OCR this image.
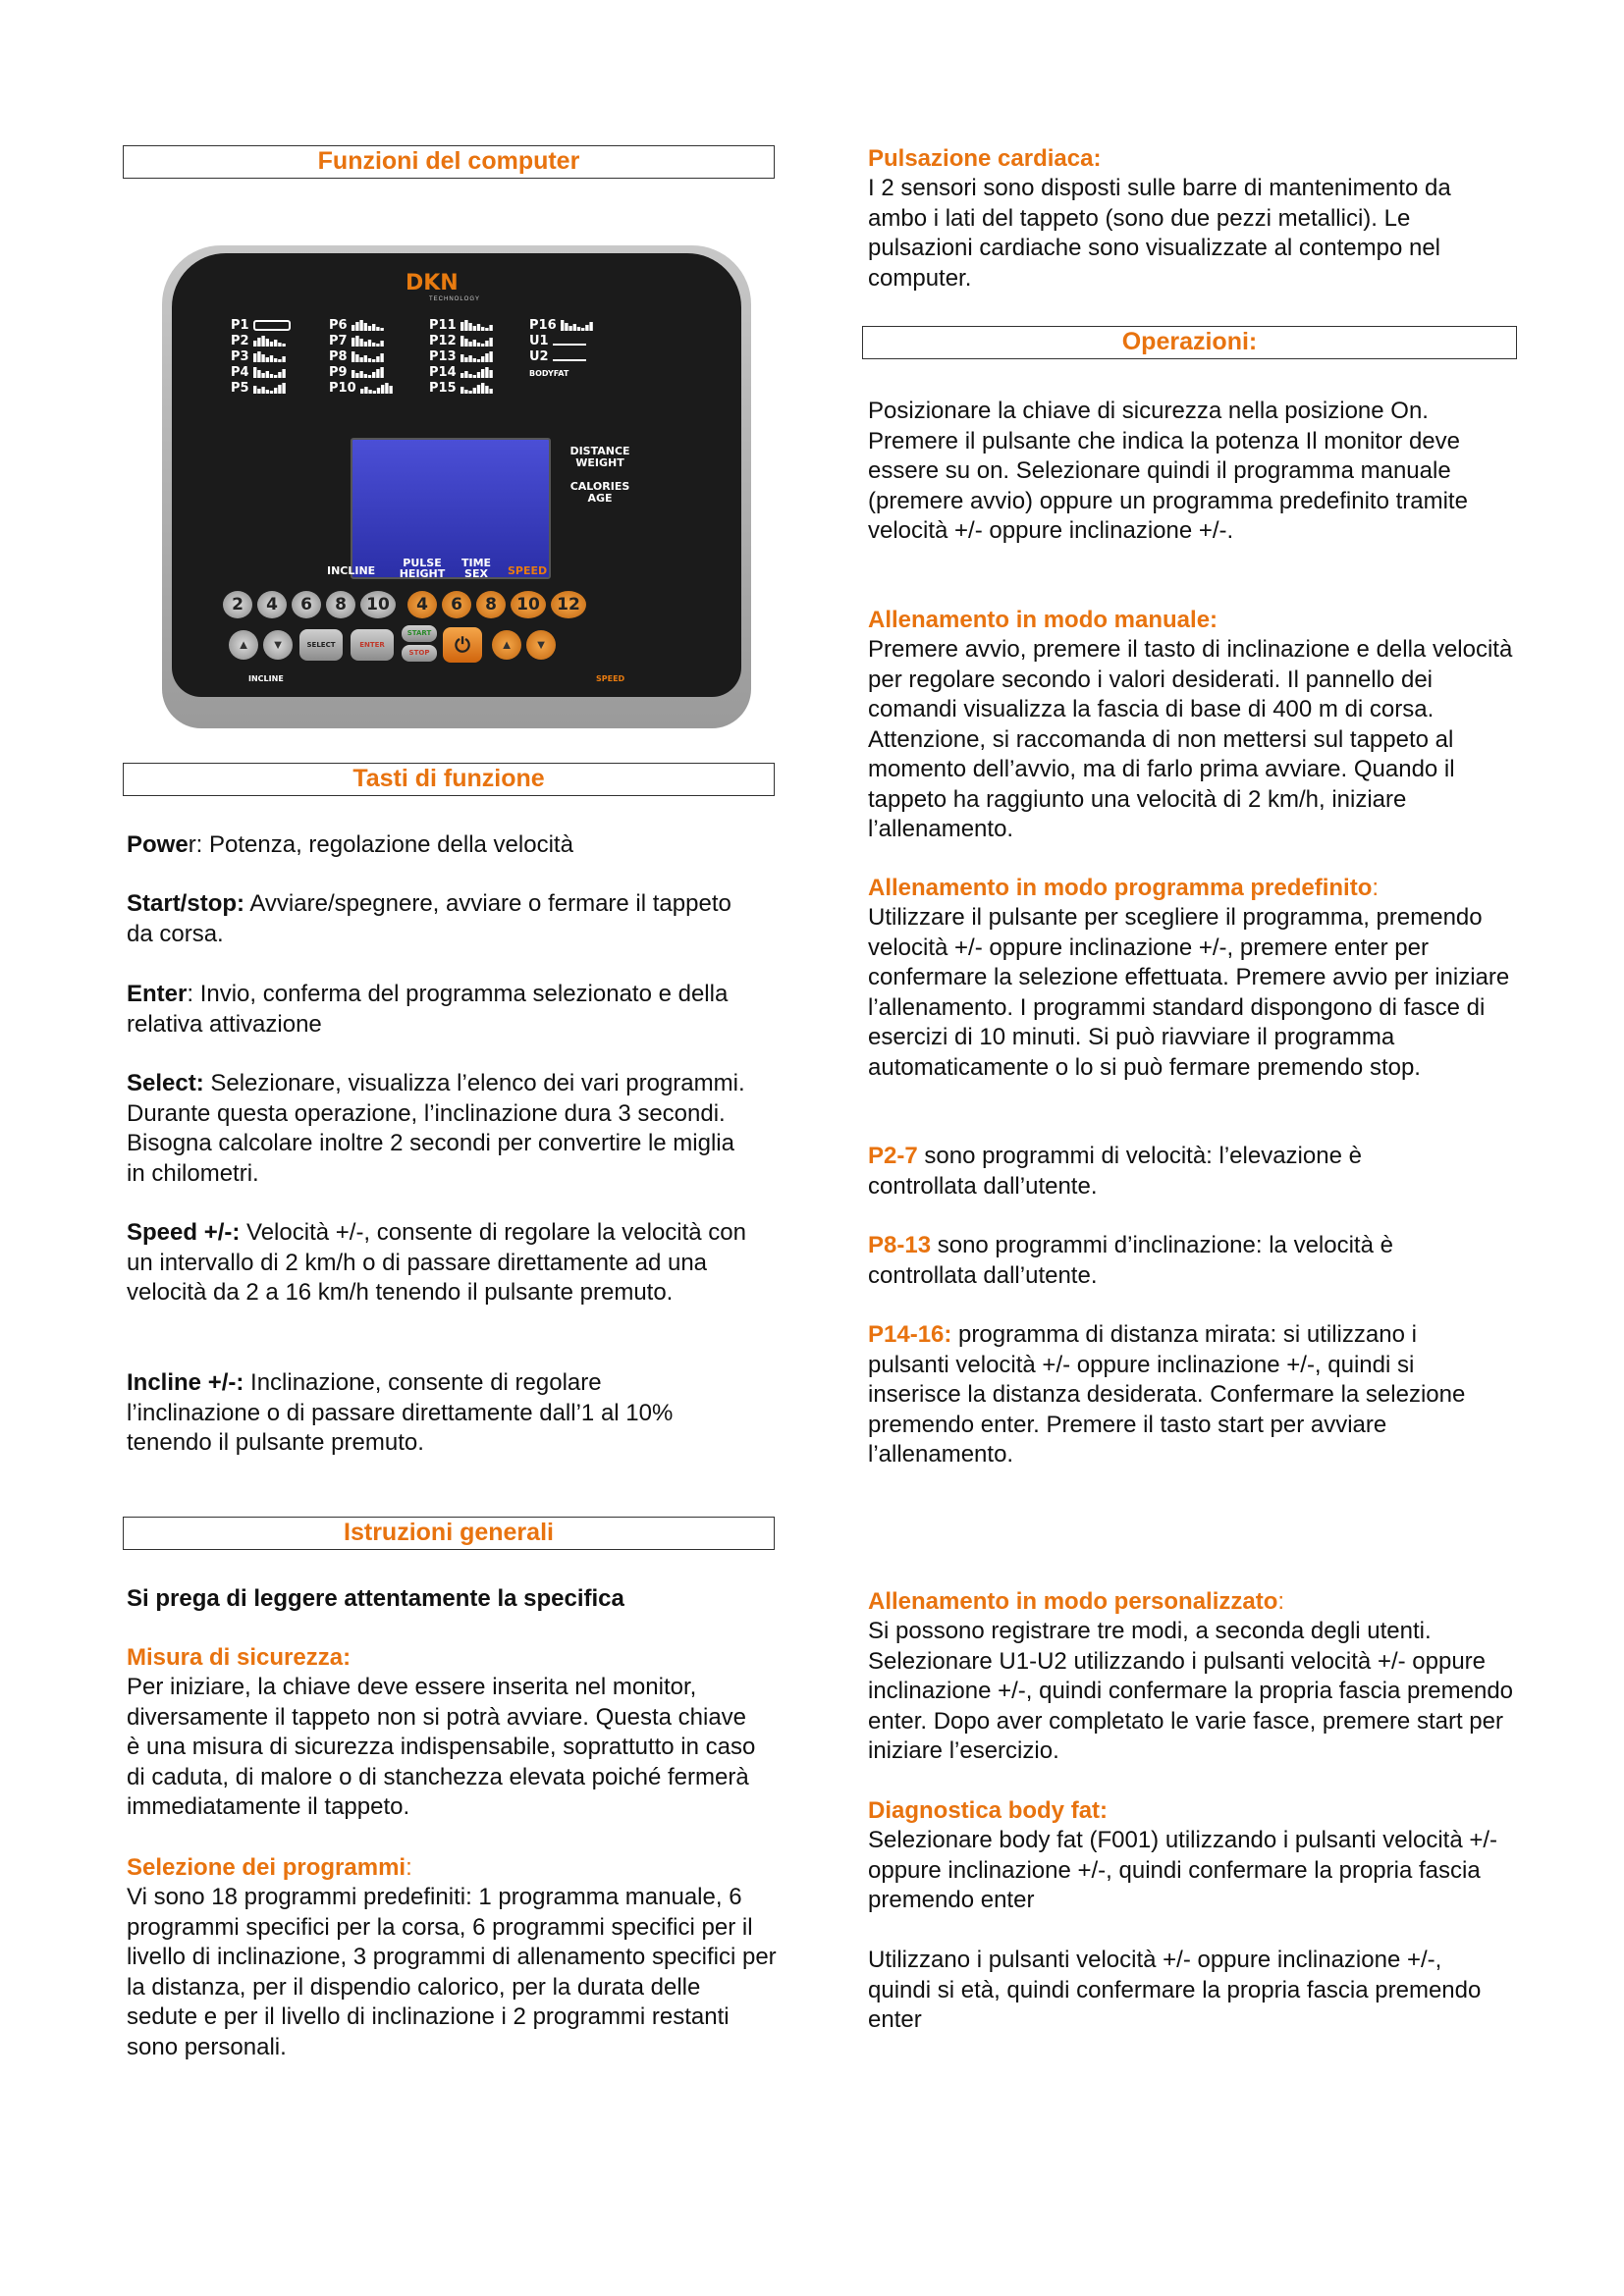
Funzioni del computer
DKN
TECHNOLOGY
P1
P2
P3
P4
P5
P6
P7
P8
P9
P10
P11
P12
P13
P14
P15
P16
U1
U2
BODYFAT
DISTANCE
WEIGHT
CALORIES
AGE
INCLINE
PULSE
HEIGHT
TIME
SEX	SPEED
2	4	6	8	10	4	6	8	10	12
▲	▼	SELECT	ENTER
START
STOP	⏻	▲	▼
INCLINE	SPEED
Tasti di funzione

Power: Potenza, regolazione della velocità

Start/stop: Avviare/spegnere, avviare o fermare il tappeto da corsa.

Enter: Invio, conferma del programma selezionato e della relativa attivazione

Select: Selezionare, visualizza l’elenco dei vari programmi. Durante questa operazione, l’inclinazione dura 3 secondi. Bisogna calcolare inoltre 2 secondi per convertire le miglia in chilometri.

Speed +/-: Velocità +/-, consente di regolare la velocità con un intervallo di 2 km/h o di passare direttamente ad una velocità da 2 a 16 km/h tenendo il pulsante premuto.

Incline +/-: Inclinazione, consente di regolare l’inclinazione o di passare direttamente dall’1 al 10% tenendo il pulsante premuto.

Istruzioni generali

Si prega di leggere attentamente la specifica

Misura di sicurezza:

Per iniziare, la chiave deve essere inserita nel monitor, diversamente il tappeto non si potrà avviare. Questa chiave è una misura di sicurezza indispensabile, soprattutto in caso di caduta, di malore o di stanchezza elevata poiché fermerà immediatamente il tappeto.

Selezione dei programmi:

Vi sono 18 programmi predefiniti: 1 programma manuale, 6 programmi specifici per la corsa, 6 programmi specifici per il livello di inclinazione, 3 programmi di allenamento specifici per la distanza, per il dispendio calorico, per la durata delle sedute e per il livello di inclinazione i 2 programmi restanti sono personali.

Pulsazione cardiaca:

I 2 sensori sono disposti sulle barre di mantenimento da ambo i lati del tappeto (sono due pezzi metallici). Le pulsazioni cardiache sono visualizzate al contempo nel computer.

Operazioni:

Posizionare la chiave di sicurezza nella posizione On. Premere il pulsante che indica la potenza Il monitor deve essere su on. Selezionare quindi il programma manuale (premere avvio) oppure un programma predefinito tramite velocità +/- oppure inclinazione +/-.

Allenamento in modo manuale:

Premere avvio, premere il tasto di inclinazione e della velocità per regolare secondo i valori desiderati. Il pannello dei comandi visualizza la fascia di base di 400 m di corsa. Attenzione, si raccomanda di non mettersi sul tappeto al momento dell’avvio, ma di farlo prima avviare. Quando il tappeto ha raggiunto una velocità di 2 km/h, iniziare l’allenamento.

Allenamento in modo programma predefinito:

Utilizzare il pulsante per scegliere il programma, premendo velocità +/- oppure inclinazione +/-, premere enter per confermare la selezione effettuata. Premere avvio per iniziare l’allenamento. I programmi standard dispongono di fasce di esercizi di 10 minuti. Si può riavviare il programma automaticamente o lo si può fermare premendo stop.

P2-7 sono programmi di velocità: l’elevazione è controllata dall’utente.

P8-13 sono programmi d’inclinazione: la velocità è controllata dall’utente.

P14-16: programma di distanza mirata: si utilizzano i pulsanti velocità +/- oppure inclinazione +/-, quindi si inserisce la distanza desiderata. Confermare la selezione premendo enter. Premere il tasto start per avviare l’allenamento.

Allenamento in modo personalizzato:

Si possono registrare tre modi, a seconda degli utenti. Selezionare U1-U2 utilizzando i pulsanti velocità +/- oppure inclinazione +/-, quindi confermare la propria fascia premendo enter. Dopo aver completato le varie fasce, premere start per iniziare l’esercizio.

Diagnostica body fat:

Selezionare body fat (F001) utilizzando i pulsanti velocità +/- oppure inclinazione +/-, quindi confermare la propria fascia premendo enter

Utilizzano i pulsanti velocità +/- oppure inclinazione +/-, quindi si età, quindi confermare la propria fascia premendo enter
